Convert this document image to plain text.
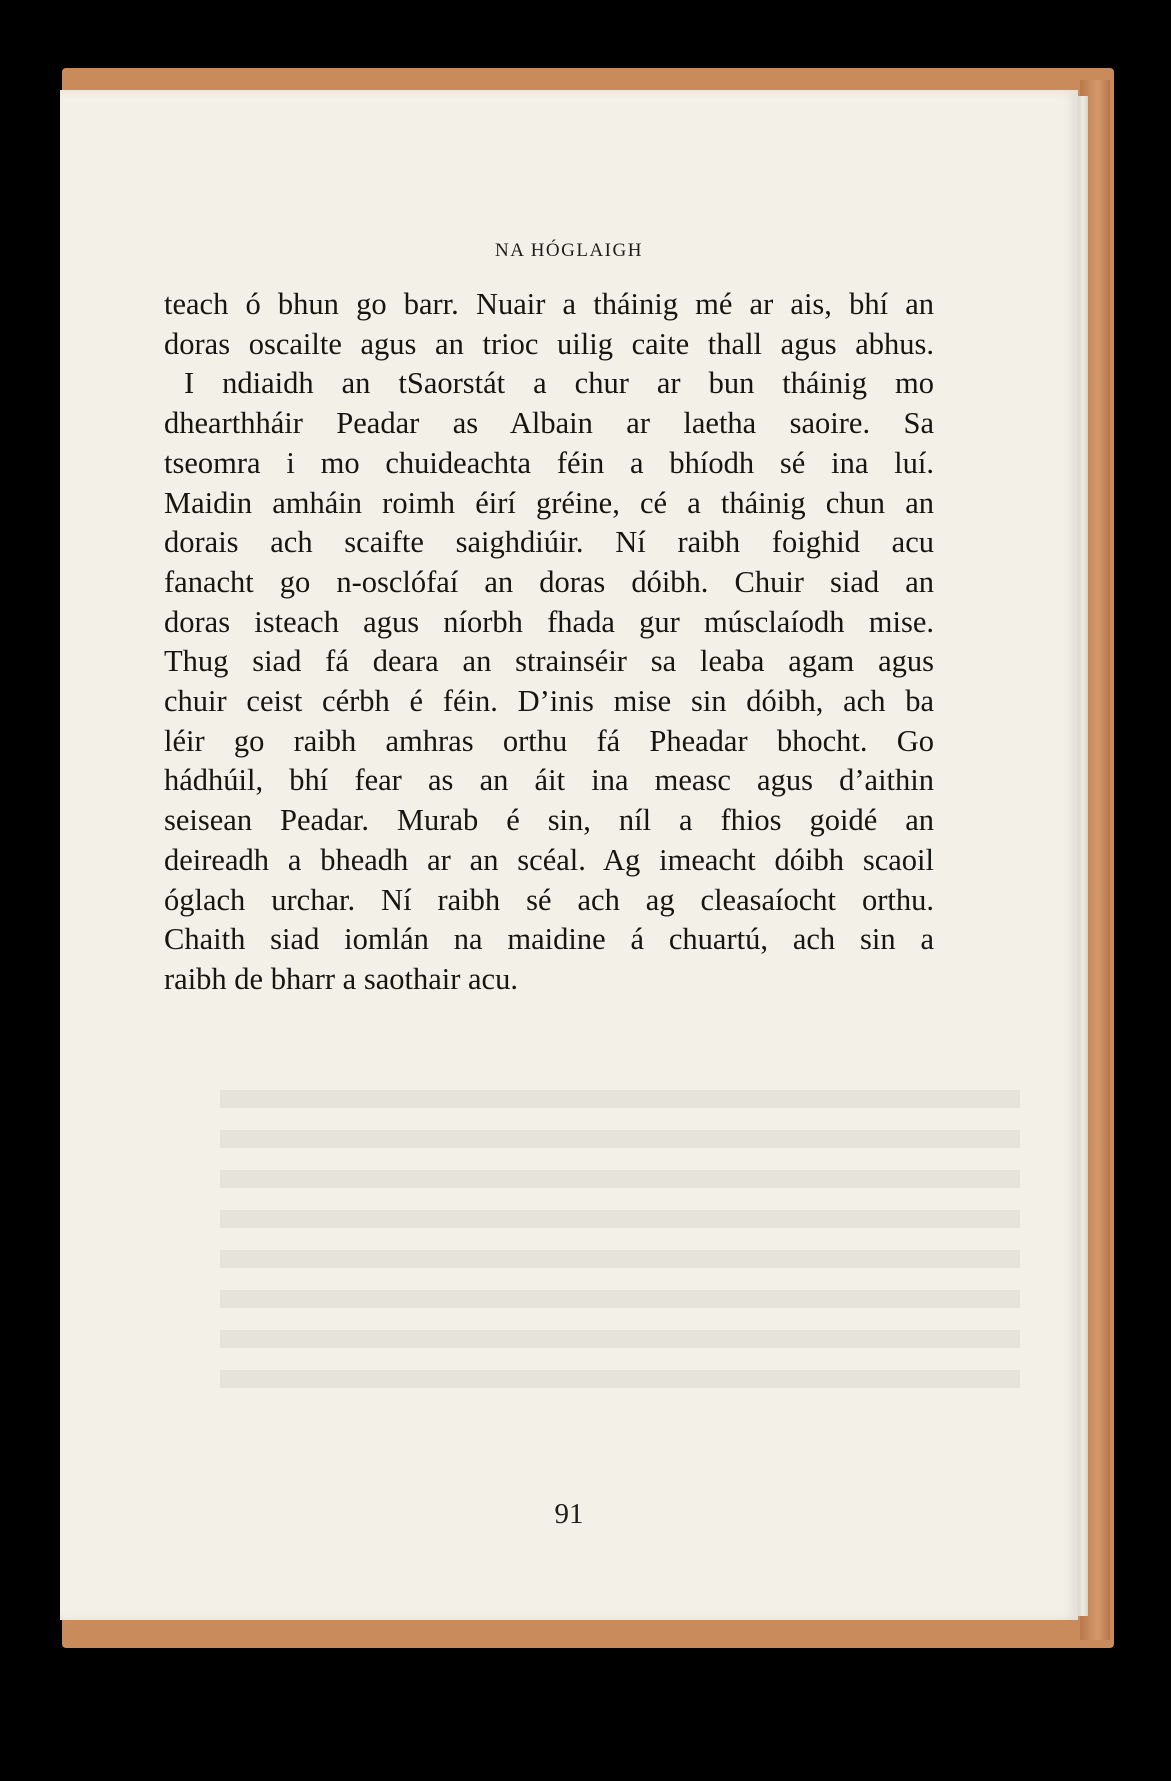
NA HÓGLAIGH
teach ó bhun go barr. Nuair a tháinig mé ar ais, bhí an
doras oscailte agus an trioc uilig caite thall agus abhus.
I ndiaidh an tSaorstát a chur ar bun tháinig mo
dhearthháir Peadar as Albain ar laetha saoire. Sa
tseomra i mo chuideachta féin a bhíodh sé ina luí.
Maidin amháin roimh éirí gréine, cé a tháinig chun an
dorais ach scaifte saighdiúir. Ní raibh foighid acu
fanacht go n-osclófaí an doras dóibh. Chuir siad an
doras isteach agus níorbh fhada gur músclaíodh mise.
Thug siad fá deara an strainséir sa leaba agam agus
chuir ceist cérbh é féin. D’inis mise sin dóibh, ach ba
léir go raibh amhras orthu fá Pheadar bhocht. Go
hádhúil, bhí fear as an áit ina measc agus d’aithin
seisean Peadar. Murab é sin, níl a fhios goidé an
deireadh a bheadh ar an scéal. Ag imeacht dóibh scaoil
óglach urchar. Ní raibh sé ach ag cleasaíocht orthu.
Chaith siad iomlán na maidine á chuartú, ach sin a
raibh de bharr a saothair acu.
91
